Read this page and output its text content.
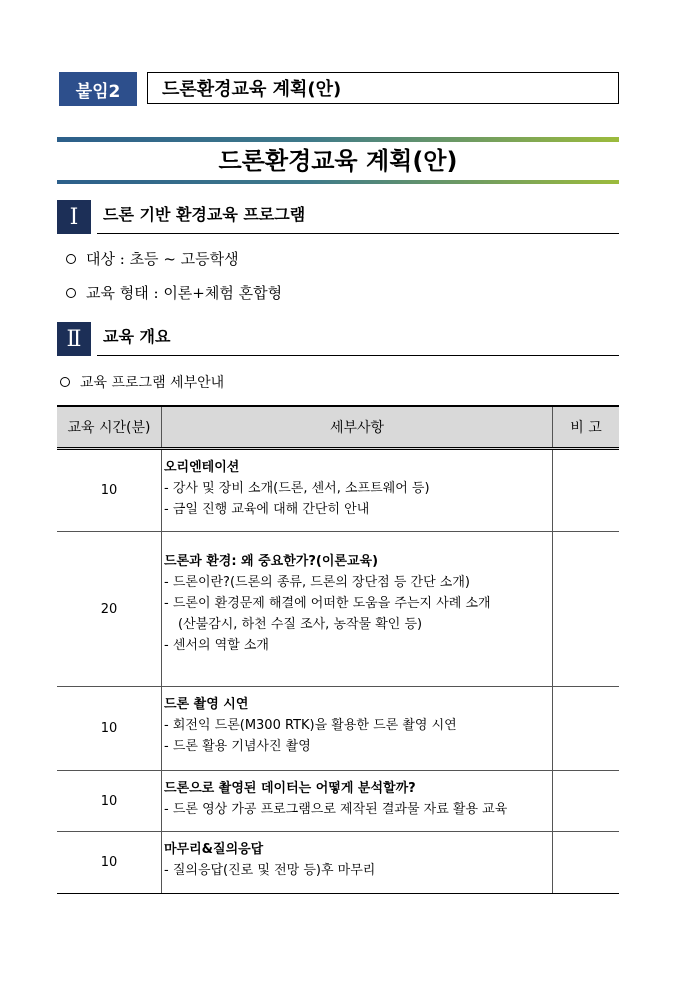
붙임2	드론환경교육 계획(안)
드론환경교육 계획(안)
Ⅰ	드론 기반 환경교육 프로그램
대상 : 초등 ~ 고등학생
교육 형태 : 이론+체험 혼합형
Ⅱ	교육 개요
교육 프로그램 세부안내
교육 시간(분)	세부사항	비 고
10	오리엔테이션
- 강사 및 장비 소개(드론, 센서, 소프트웨어 등)
- 금일 진행 교육에 대해 간단히 안내	

20	드론과 환경: 왜 중요한가?(이론교육)
- 드론이란?(드론의 종류, 드론의 장단점 등 간단 소개)
- 드론이 환경문제 해결에 어떠한 도움을 주는지 사례 소개
(산불감시, 하천 수질 조사, 농작물 확인 등)
- 센서의 역할 소개	

10	드론 촬영 시연
- 회전익 드론(M300 RTK)을 활용한 드론 촬영 시연
- 드론 활용 기념사진 촬영	

10	드론으로 촬영된 데이터는 어떻게 분석할까?
- 드론 영상 가공 프로그램으로 제작된 결과물 자료 활용 교육	

10	마무리&질의응답
- 질의응답(진로 및 전망 등)후 마무리	
